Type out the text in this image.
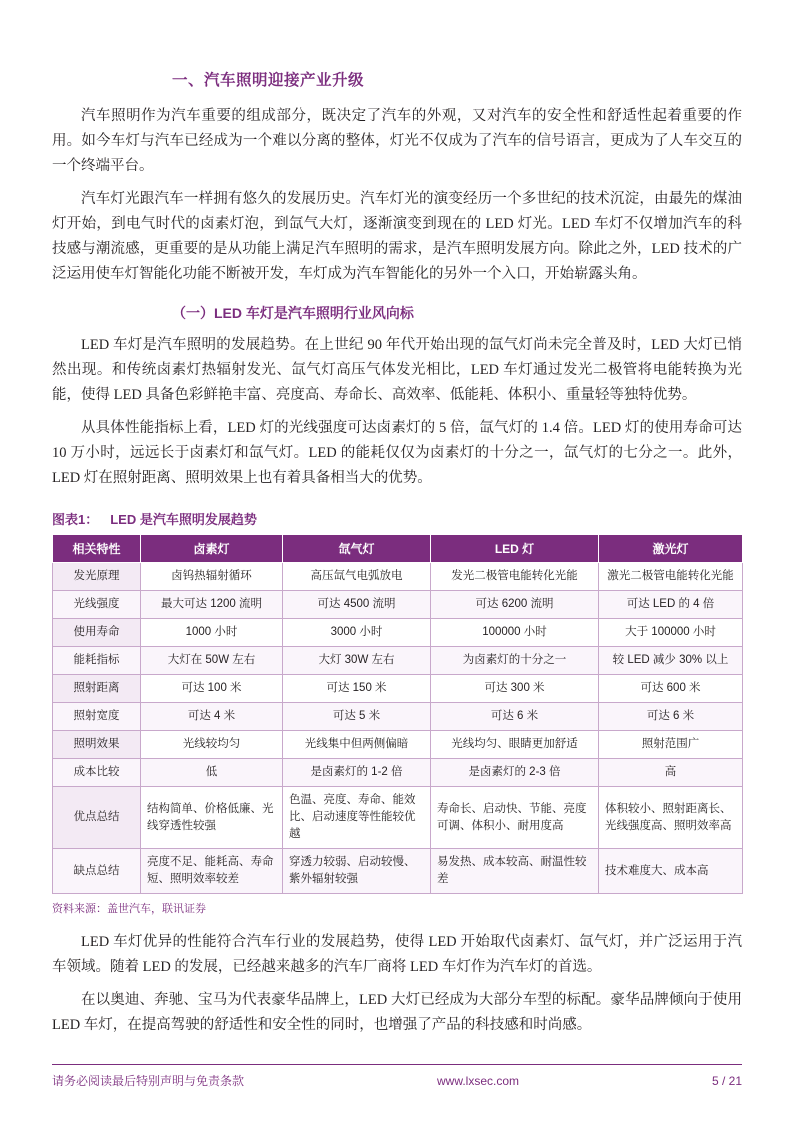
一、汽车照明迎接产业升级

汽车照明作为汽车重要的组成部分，既决定了汽车的外观，又对汽车的安全性和舒适性起着重要的作用。如今车灯与汽车已经成为一个难以分离的整体，灯光不仅成为了汽车的信号语言，更成为了人车交互的一个终端平台。

汽车灯光跟汽车一样拥有悠久的发展历史。汽车灯光的演变经历一个多世纪的技术沉淀，由最先的煤油灯开始，到电气时代的卤素灯泡，到氙气大灯，逐渐演变到现在的 LED 灯光。LED 车灯不仅增加汽车的科技感与潮流感，更重要的是从功能上满足汽车照明的需求，是汽车照明发展方向。除此之外，LED 技术的广泛运用使车灯智能化功能不断被开发，车灯成为汽车智能化的另外一个入口，开始崭露头角。

（一）LED 车灯是汽车照明行业风向标

LED 车灯是汽车照明的发展趋势。在上世纪 90 年代开始出现的氙气灯尚未完全普及时，LED 大灯已悄然出现。和传统卤素灯热辐射发光、氙气灯高压气体发光相比，LED 车灯通过发光二极管将电能转换为光能，使得 LED 具备色彩鲜艳丰富、亮度高、寿命长、高效率、低能耗、体积小、重量轻等独特优势。

从具体性能指标上看，LED 灯的光线强度可达卤素灯的 5 倍，氙气灯的 1.4 倍。LED 灯的使用寿命可达 10 万小时，远远长于卤素灯和氙气灯。LED 的能耗仅仅为卤素灯的十分之一，氙气灯的七分之一。此外，LED 灯在照射距离、照明效果上也有着具备相当大的优势。

图表1： LED 是汽车照明发展趋势
相关特性	卤素灯	氙气灯	LED 灯	激光灯
发光原理	卤钨热辐射循环	高压氙气电弧放电	发光二极管电能转化光能	激光二极管电能转化光能
光线强度	最大可达 1200 流明	可达 4500 流明	可达 6200 流明	可达 LED 的 4 倍
使用寿命	1000 小时	3000 小时	100000 小时	大于 100000 小时
能耗指标	大灯在 50W 左右	大灯 30W 左右	为卤素灯的十分之一	较 LED 减少 30% 以上
照射距离	可达 100 米	可达 150 米	可达 300 米	可达 600 米
照射宽度	可达 4 米	可达 5 米	可达 6 米	可达 6 米
照明效果	光线较均匀	光线集中但两侧偏暗	光线均匀、眼睛更加舒适	照射范围广
成本比较	低	是卤素灯的 1-2 倍	是卤素灯的 2-3 倍	高
优点总结	结构简单、价格低廉、光线穿透性较强	色温、亮度、寿命、能效比、启动速度等性能较优越	寿命长、启动快、节能、亮度可调、体积小、耐用度高	体积较小、照射距离长、光线强度高、照明效率高
缺点总结	亮度不足、能耗高、寿命短、照明效率较差	穿透力较弱、启动较慢、紫外辐射较强	易发热、成本较高、耐温性较差	技术难度大、成本高
资料来源：盖世汽车，联讯证券

LED 车灯优异的性能符合汽车行业的发展趋势，使得 LED 开始取代卤素灯、氙气灯，并广泛运用于汽车领域。随着 LED 的发展，已经越来越多的汽车厂商将 LED 车灯作为汽车灯的首选。

在以奥迪、奔驰、宝马为代表豪华品牌上，LED 大灯已经成为大部分车型的标配。豪华品牌倾向于使用 LED 车灯，在提高驾驶的舒适性和安全性的同时，也增强了产品的科技感和时尚感。

请务必阅读最后特别声明与免责条款	www.lxsec.com	5 / 21
